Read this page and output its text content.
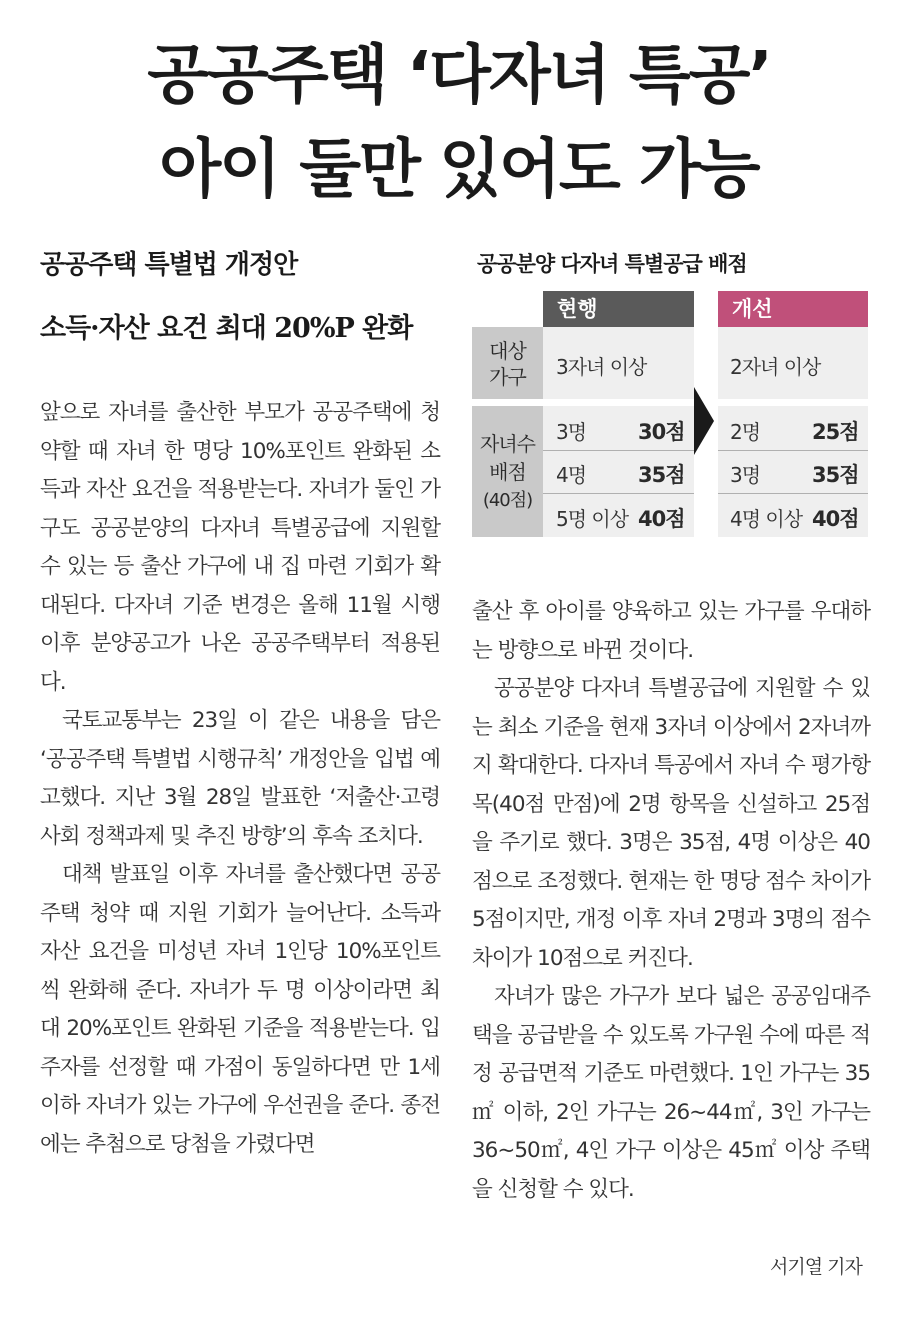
공공주택 ‘다자녀 특공’
아이 둘만 있어도 가능
공공주택 특별법 개정안
소득·자산 요건 최대 20%P 완화
공공분양 다자녀 특별공급 배점
현행	개선
대상
가구
자녀수
배점
(40점)
3자녀 이상	2자녀 이상
3명 30점
4명 35점
5명 이상 40점
2명 25점
3명 35점
4명 이상 40점

앞으로 자녀를 출산한 부모가 공공주택에 청약할 때 자녀 한 명당 10%포인트 완화된 소득과 자산 요건을 적용받는다. 자녀가 둘인 가구도 공공분양의 다자녀 특별공급에 지원할 수 있는 등 출산 가구에 내 집 마련 기회가 확대된다. 다자녀 기준 변경은 올해 11월 시행 이후 분양공고가 나온 공공주택부터 적용된다.

국토교통부는 23일 이 같은 내용을 담은 ‘공공주택 특별법 시행규칙’ 개정안을 입법 예고했다. 지난 3월 28일 발표한 ‘저출산·고령사회 정책과제 및 추진 방향’의 후속 조치다.

대책 발표일 이후 자녀를 출산했다면 공공주택 청약 때 지원 기회가 늘어난다. 소득과 자산 요건을 미성년 자녀 1인당 10%포인트씩 완화해 준다. 자녀가 두 명 이상이라면 최대 20%포인트 완화된 기준을 적용받는다. 입주자를 선정할 때 가점이 동일하다면 만 1세 이하 자녀가 있는 가구에 우선권을 준다. 종전에는 추첨으로 당첨을 가렸다면

출산 후 아이를 양육하고 있는 가구를 우대하는 방향으로 바뀐 것이다.

공공분양 다자녀 특별공급에 지원할 수 있는 최소 기준을 현재 3자녀 이상에서 2자녀까지 확대한다. 다자녀 특공에서 자녀 수 평가항목(40점 만점)에 2명 항목을 신설하고 25점을 주기로 했다. 3명은 35점, 4명 이상은 40점으로 조정했다. 현재는 한 명당 점수 차이가 5점이지만, 개정 이후 자녀 2명과 3명의 점수 차이가 10점으로 커진다.

자녀가 많은 가구가 보다 넓은 공공임대주택을 공급받을 수 있도록 가구원 수에 따른 적정 공급면적 기준도 마련했다. 1인 가구는 35㎡ 이하, 2인 가구는 26~44㎡, 3인 가구는 36~50㎡, 4인 가구 이상은 45㎡ 이상 주택을 신청할 수 있다.

서기열 기자
